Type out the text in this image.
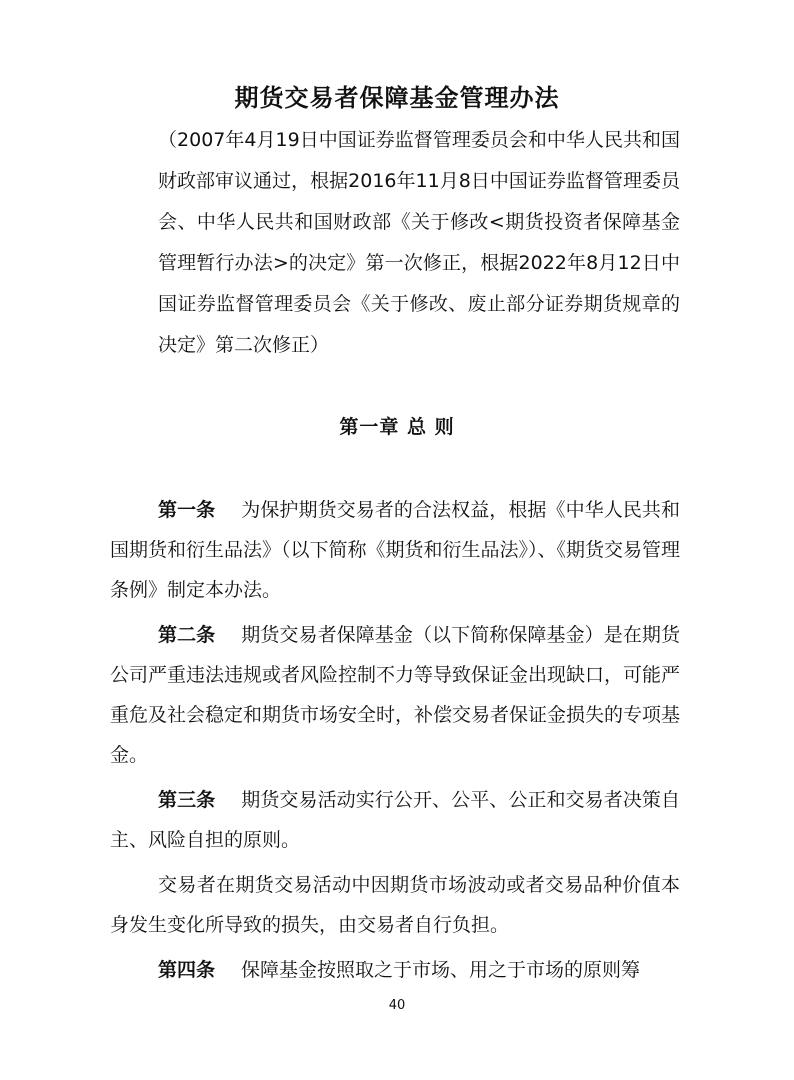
期货交易者保障基金管理办法
（2007年4月19日中国证券监督管理委员会和中华人民共和国财政部审议通过，根据2016年11月8日中国证券监督管理委员会、中华人民共和国财政部《关于修改<期货投资者保障基金管理暂行办法>的决定》第一次修正，根据2022年8月12日中国证券监督管理委员会《关于修改、废止部分证券期货规章的决定》第二次修正）
第一章 总 则

第一条 为保护期货交易者的合法权益，根据《中华人民共和国期货和衍生品法》（以下简称《期货和衍生品法》）、《期货交易管理条例》制定本办法。

第二条 期货交易者保障基金（以下简称保障基金）是在期货公司严重违法违规或者风险控制不力等导致保证金出现缺口，可能严重危及社会稳定和期货市场安全时，补偿交易者保证金损失的专项基金。

第三条 期货交易活动实行公开、公平、公正和交易者决策自主、风险自担的原则。

交易者在期货交易活动中因期货市场波动或者交易品种价值本身发生变化所导致的损失，由交易者自行负担。

第四条 保障基金按照取之于市场、用之于市场的原则筹

40
